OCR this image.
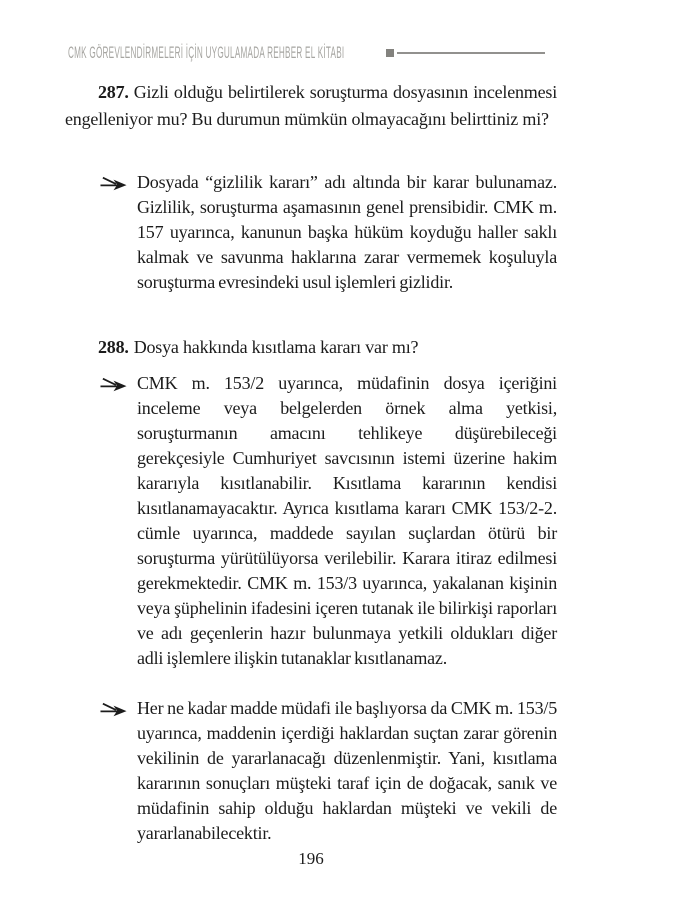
CMK GÖREVLENDİRMELERİ İÇİN UYGULAMADA REHBER EL KİTABI

287. Gizli olduğu belirtilerek soruşturma dosyasının incelenmesi engelleniyor mu? Bu durumun mümkün olmayacağını belirttiniz mi?

Dosyada “gizlilik kararı” adı altında bir karar bulunamaz. Gizlilik, soruşturma aşamasının genel prensibidir. CMK m. 157 uyarınca, kanunun başka hüküm koyduğu haller saklı kalmak ve savunma haklarına zarar vermemek koşuluyla soruşturma evresindeki usul işlemleri gizlidir.

288. Dosya hakkında kısıtlama kararı var mı?

CMK m. 153/2 uyarınca, müdafinin dosya içeriğini inceleme veya belgelerden örnek alma yetkisi, soruşturmanın amacını tehlikeye düşürebileceği gerekçesiyle Cumhuriyet savcısının istemi üzerine hakim kararıyla kısıtlanabilir. Kısıtlama kararının kendisi kısıtlanamayacaktır. Ayrıca kısıtlama kararı CMK 153/2-2. cümle uyarınca, maddede sayılan suçlardan ötürü bir soruşturma yürütülüyorsa verilebilir. Karara itiraz edilmesi gerekmektedir. CMK m. 153/3 uyarınca, yakalanan kişinin veya şüphelinin ifadesini içeren tutanak ile bilirkişi raporları ve adı geçenlerin hazır bulunmaya yetkili oldukları diğer adli işlemlere ilişkin tutanaklar kısıtlanamaz.

Her ne kadar madde müdafi ile başlıyorsa da CMK m. 153/5 uyarınca, maddenin içerdiği haklardan suçtan zarar görenin vekilinin de yararlanacağı düzenlenmiştir. Yani, kısıtlama kararının sonuçları müşteki taraf için de doğacak, sanık ve müdafinin sahip olduğu haklardan müşteki ve vekili de yararlanabilecektir.

196
